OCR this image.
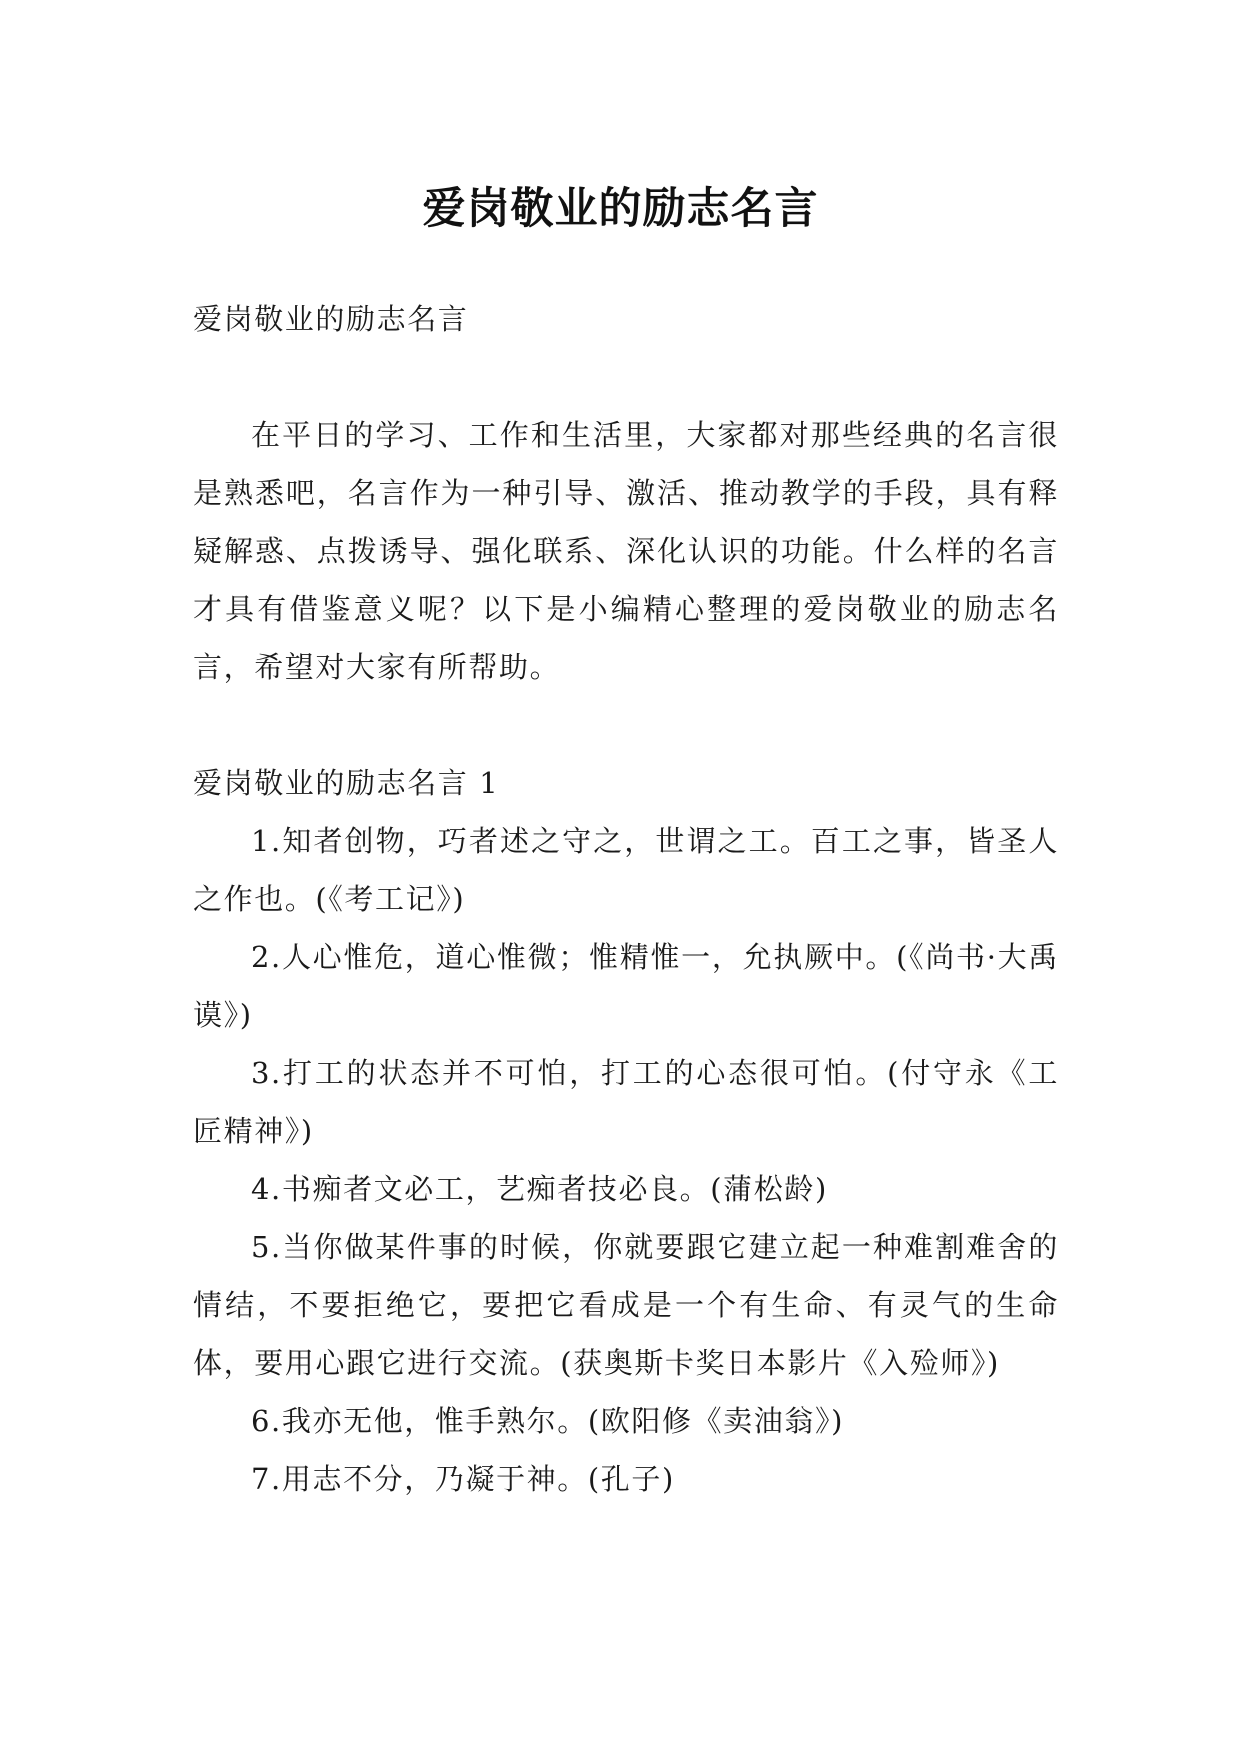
爱岗敬业的励志名言

爱岗敬业的励志名言

在平日的学习、工作和生活里，大家都对那些经典的名言很是熟悉吧，名言作为一种引导、激活、推动教学的手段，具有释疑解惑、点拨诱导、强化联系、深化认识的功能。什么样的名言才具有借鉴意义呢？以下是小编精心整理的爱岗敬业的励志名言，希望对大家有所帮助。

爱岗敬业的励志名言 1

1.知者创物，巧者述之守之，世谓之工。百工之事，皆圣人之作也。(《考工记》)

2.人心惟危，道心惟微；惟精惟一，允执厥中。(《尚书·大禹谟》)

3.打工的状态并不可怕，打工的心态很可怕。(付守永《工匠精神》)

4.书痴者文必工，艺痴者技必良。(蒲松龄)

5.当你做某件事的时候，你就要跟它建立起一种难割难舍的情结，不要拒绝它，要把它看成是一个有生命、有灵气的生命体，要用心跟它进行交流。(获奥斯卡奖日本影片《入殓师》)

6.我亦无他，惟手熟尔。(欧阳修《卖油翁》)

7.用志不分，乃凝于神。(孔子)
